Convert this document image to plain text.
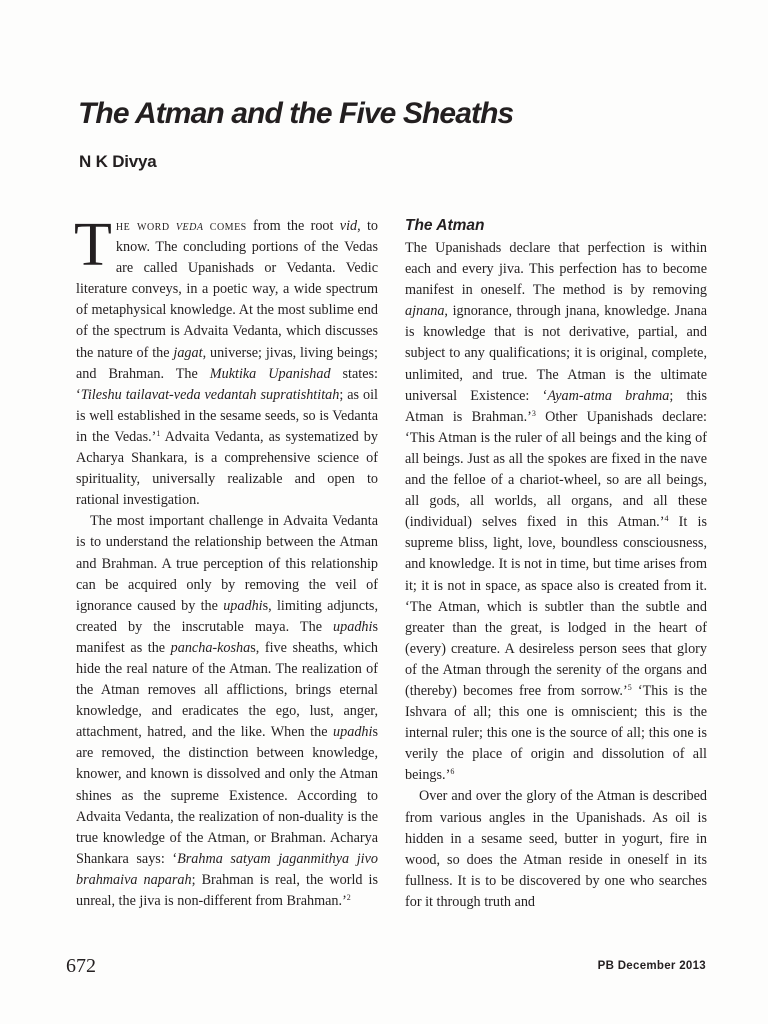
The Atman and the Five Sheaths
N K Divya

The word veda comes from the root vid, to know. The concluding portions of the Vedas are called Upanishads or Vedanta. Vedic literature conveys, in a poetic way, a wide spectrum of metaphysical knowledge. At the most sublime end of the spectrum is Advaita Vedanta, which discusses the nature of the jagat, universe; jivas, living beings; and Brahman. The Muktika Upanishad states: ‘Tileshu tailavat-veda vedantah supratishtitah; as oil is well established in the sesame seeds, so is Vedanta in the Vedas.’$^1$ Advaita Vedanta, as systematized by Acharya Shankara, is a comprehensive science of spirituality, universally realizable and open to rational investigation.

The most important challenge in Advaita Vedanta is to understand the relationship between the Atman and Brahman. A true perception of this relationship can be acquired only by removing the veil of ignorance caused by the upadhis, limiting adjuncts, created by the inscrutable maya. The upadhis manifest as the pancha-koshas, five sheaths, which hide the real nature of the Atman. The realization of the Atman removes all afflictions, brings eternal knowledge, and eradicates the ego, lust, anger, attachment, hatred, and the like. When the upadhis are removed, the distinction between knowledge, knower, and known is dissolved and only the Atman shines as the supreme Existence. According to Advaita Vedanta, the realization of non-duality is the true knowledge of the Atman, or Brahman. Acharya Shankara says: ‘Brahma satyam jaganmithya jivo brahmaiva naparah; Brahman is real, the world is unreal, the jiva is non-different from Brahman.’$^2$

The Atman

The Upanishads declare that perfection is within each and every jiva. This perfection has to become manifest in oneself. The method is by removing ajnana, ignorance, through jnana, knowledge. Jnana is knowledge that is not derivative, partial, and subject to any qualifications; it is original, complete, unlimited, and true. The Atman is the ultimate universal Existence: ‘Ayam-atma brahma; this Atman is Brahman.’$^3$ Other Upanishads declare: ‘This Atman is the ruler of all beings and the king of all beings. Just as all the spokes are fixed in the nave and the felloe of a chariot-wheel, so are all beings, all gods, all worlds, all organs, and all these (individual) selves fixed in this Atman.’$^4$ It is supreme bliss, light, love, boundless consciousness, and knowledge. It is not in time, but time arises from it; it is not in space, as space also is created from it. ‘The Atman, which is subtler than the subtle and greater than the great, is lodged in the heart of (every) creature. A desireless person sees that glory of the Atman through the serenity of the organs and (thereby) becomes free from sorrow.’$^5$ ‘This is the Ishvara of all; this one is omniscient; this is the internal ruler; this one is the source of all; this one is verily the place of origin and dissolution of all beings.’$^6$

Over and over the glory of the Atman is described from various angles in the Upanishads. As oil is hidden in a sesame seed, butter in yogurt, fire in wood, so does the Atman reside in oneself in its fullness. It is to be discovered by one who searches for it through truth and

672	PB December 2013
